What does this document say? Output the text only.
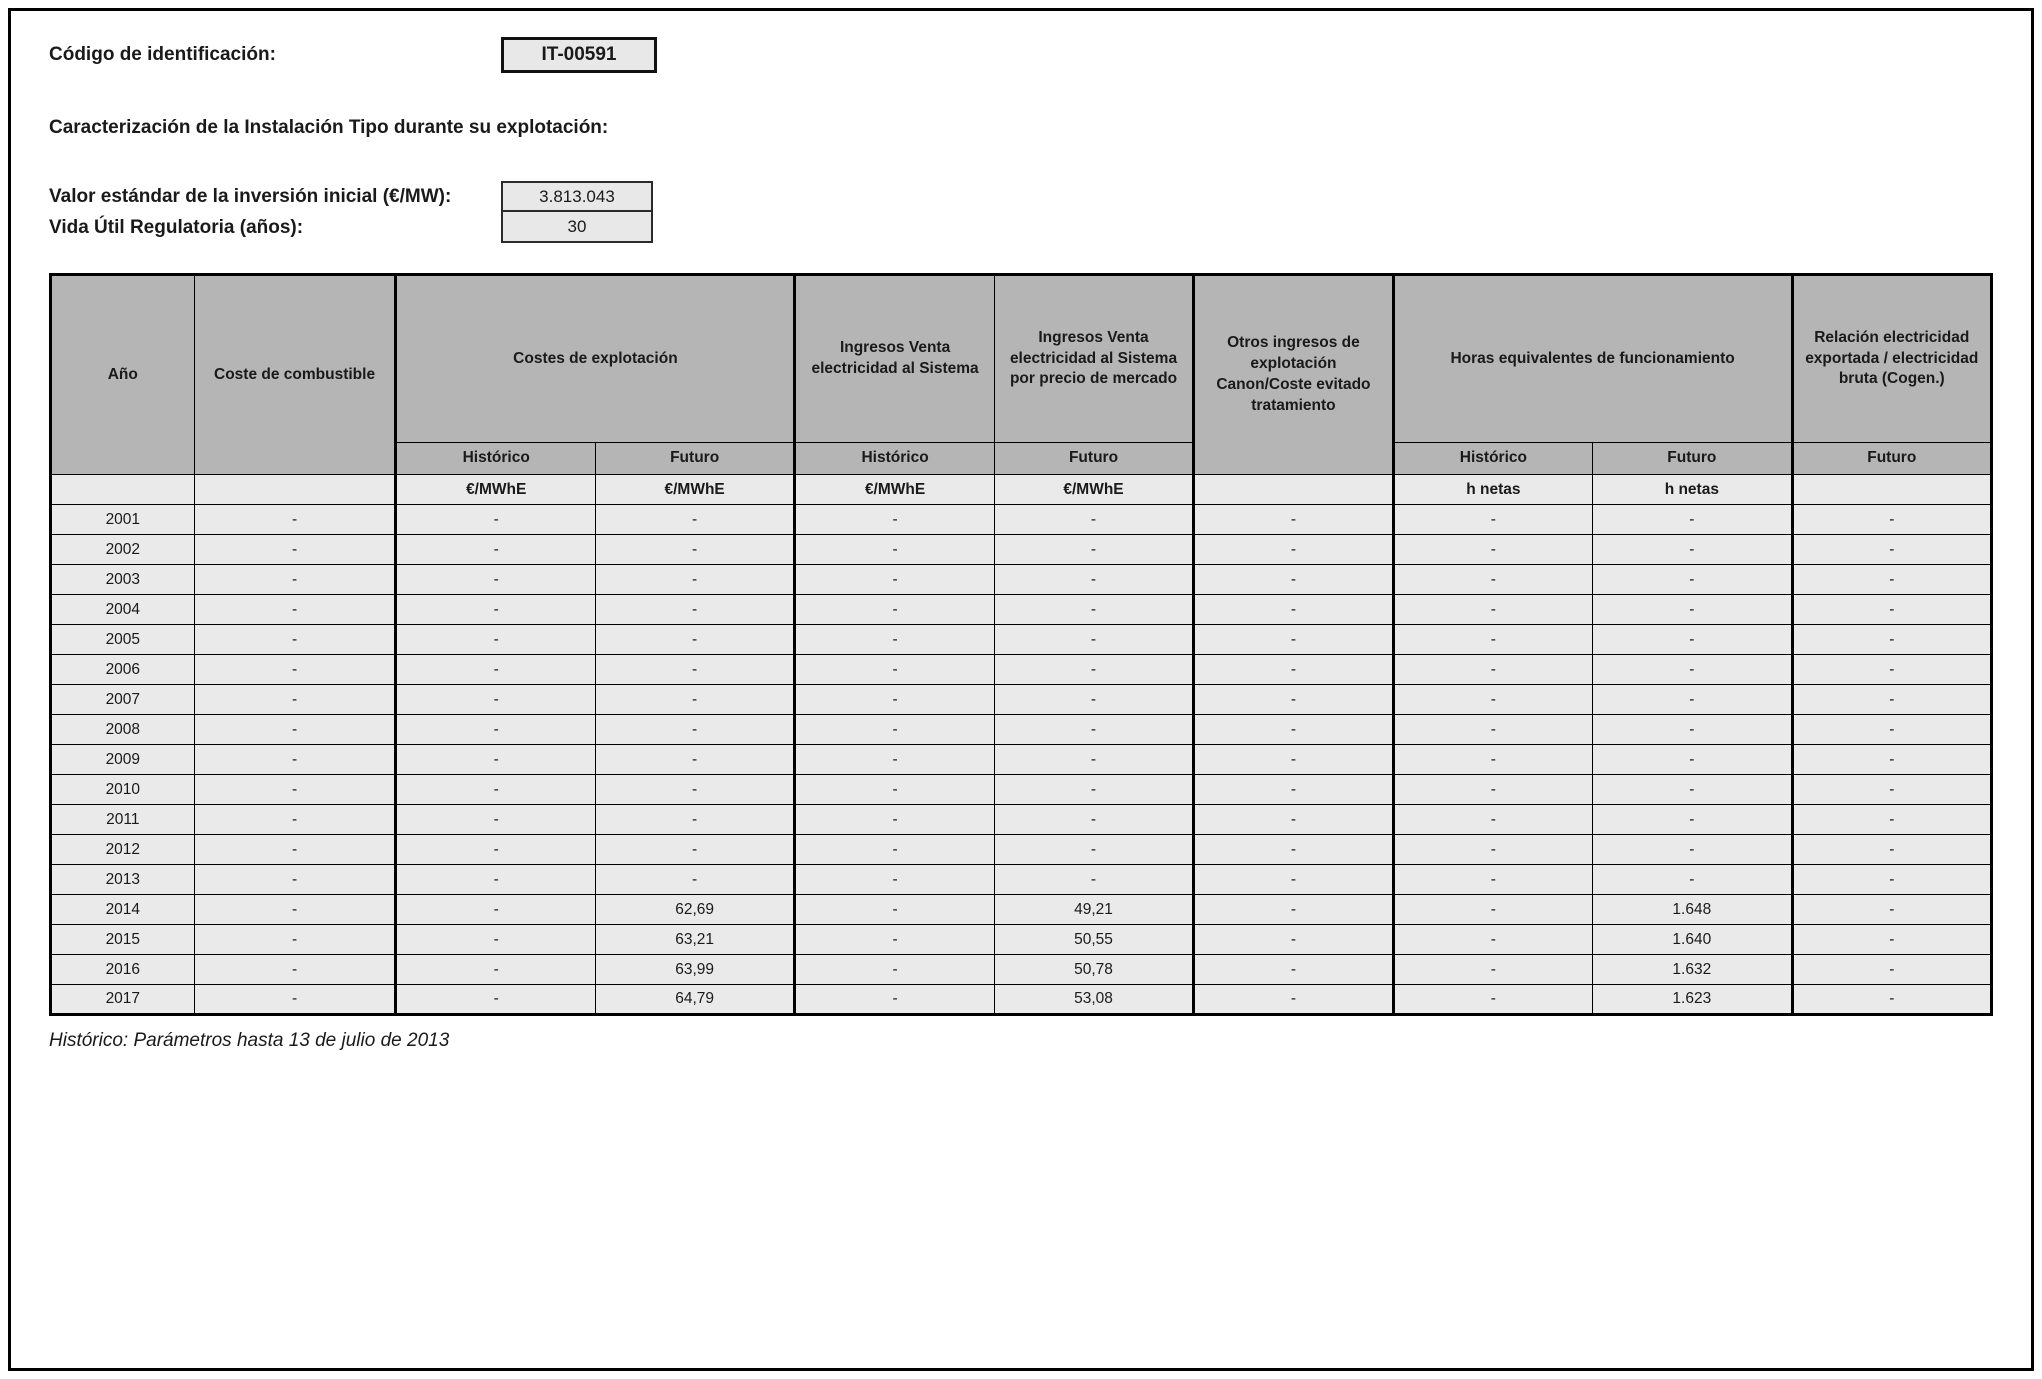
Código de identificación:	IT-00591
Caracterización de la Instalación Tipo durante su explotación:
Valor estándar de la inversión inicial (€/MW):	3.813.043
Vida Útil Regulatoria (años):	30
Año	Coste de combustible	Costes de explotación		Ingresos Venta electricidad al Sistema	Ingresos Venta electricidad al Sistema por precio de mercado	Otros ingresos de explotación Canon/Coste evitado tratamiento	Horas equivalentes de funcionamiento		Relación electricidad exportada / electricidad bruta (Cogen.)
		Histórico	Futuro	Histórico	Futuro		Histórico	Futuro	Futuro
		€/MWhE	€/MWhE	€/MWhE	€/MWhE		h netas	h netas	
2001	-	-	-	-	-	-	-	-	-
2002	-	-	-	-	-	-	-	-	-
2003	-	-	-	-	-	-	-	-	-
2004	-	-	-	-	-	-	-	-	-
2005	-	-	-	-	-	-	-	-	-
2006	-	-	-	-	-	-	-	-	-
2007	-	-	-	-	-	-	-	-	-
2008	-	-	-	-	-	-	-	-	-
2009	-	-	-	-	-	-	-	-	-
2010	-	-	-	-	-	-	-	-	-
2011	-	-	-	-	-	-	-	-	-
2012	-	-	-	-	-	-	-	-	-
2013	-	-	-	-	-	-	-	-	-
2014	-	-	62,69	-	49,21	-	-	1.648	-
2015	-	-	63,21	-	50,55	-	-	1.640	-
2016	-	-	63,99	-	50,78	-	-	1.632	-
2017	-	-	64,79	-	53,08	-	-	1.623	-
Histórico: Parámetros hasta 13 de julio de 2013
